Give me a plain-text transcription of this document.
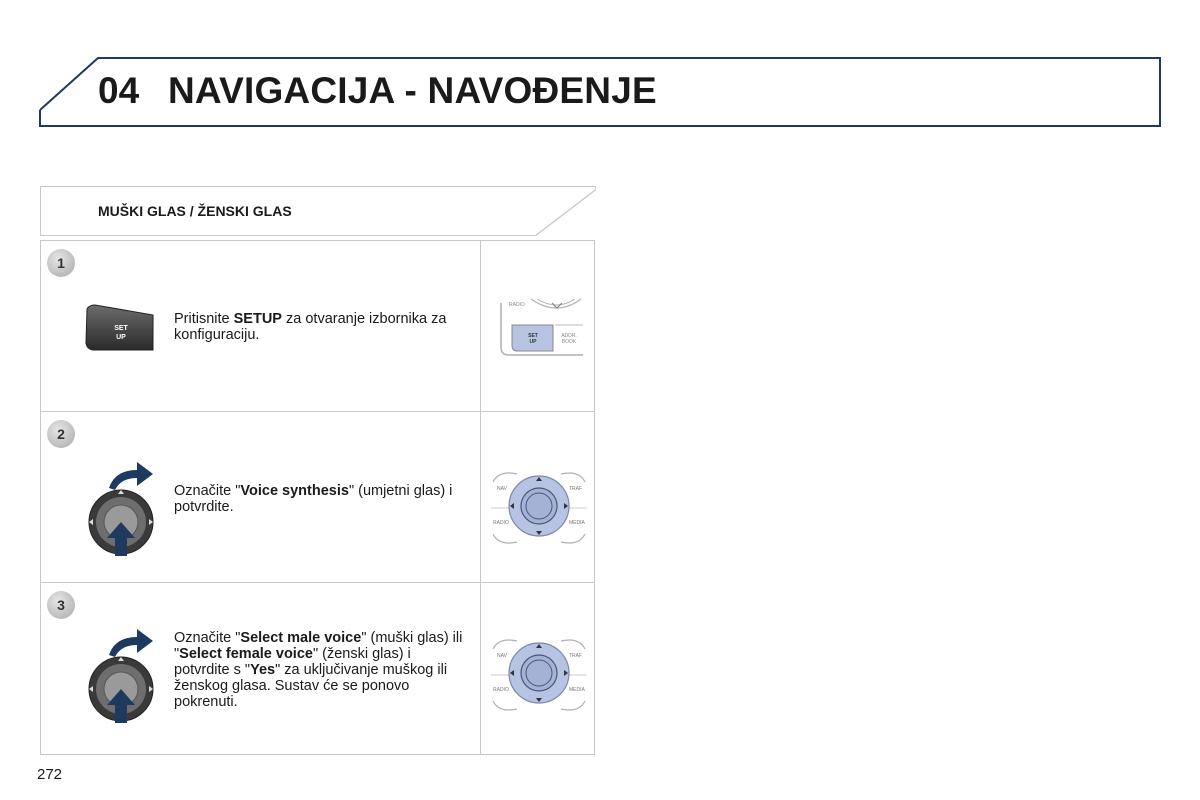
04 NAVIGACIJA - NAVOĐENJE
MUŠKI GLAS / ŽENSKI GLAS
1
SET
UP
Pritisnite SETUP za otvaranje izbornika za konfiguraciju.
RADIO
SET
UP
ADDR.
BOOK
2
Označite "Voice synthesis" (umjetni glas) i potvrdite.
NAV	TRAF
RADIO	MEDIA
3
Označite "Select male voice" (muški glas) ili "Select female voice" (ženski glas) i potvrdite s "Yes" za uključivanje muškog ili ženskog glasa. Sustav će se ponovo pokrenuti.
NAV	TRAF
RADIO	MEDIA
272
